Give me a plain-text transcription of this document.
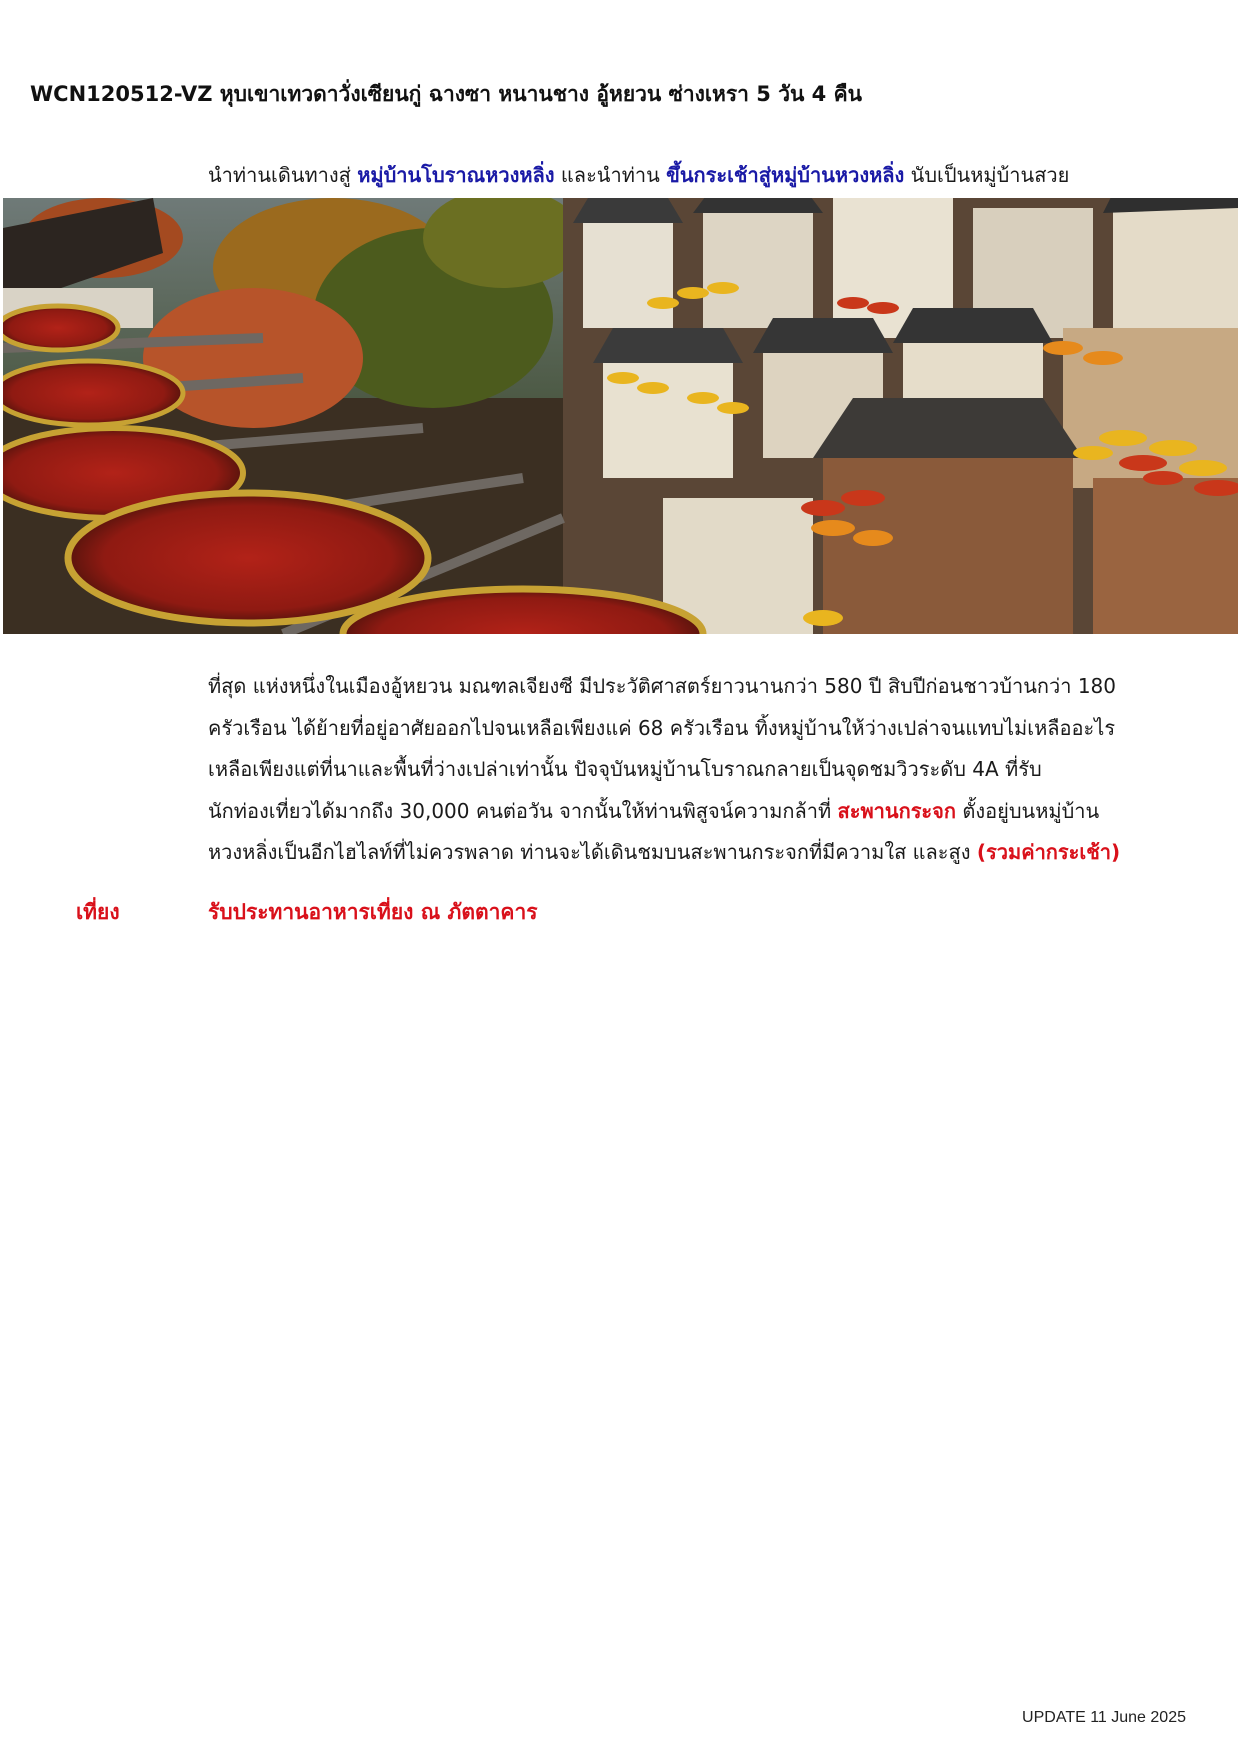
WCN120512-VZ หุบเขาเทวดาวั่งเซียนกู่ ฉางซา หนานชาง อู้หยวน ซ่างเหรา 5 วัน 4 คืน
นำท่านเดินทางสู่ หมู่บ้านโบราณหวงหลิ่ง และนำท่าน ขึ้นกระเช้าสู่หมู่บ้านหวงหลิ่ง นับเป็นหมู่บ้านสวย

ที่สุด แห่งหนึ่งในเมืองอู้หยวน มณฑลเจียงซี มีประวัติศาสตร์ยาวนานกว่า 580 ปี สิบปีก่อนชาวบ้านกว่า 180

ครัวเรือน ได้ย้ายที่อยู่อาศัยออกไปจนเหลือเพียงแค่ 68 ครัวเรือน ทิ้งหมู่บ้านให้ว่างเปล่าจนแทบไม่เหลืออะไร

เหลือเพียงแต่ที่นาและพื้นที่ว่างเปล่าเท่านั้น ปัจจุบันหมู่บ้านโบราณกลายเป็นจุดชมวิวระดับ 4A ที่รับ

นักท่องเที่ยวได้มากถึง 30,000 คนต่อวัน จากนั้นให้ท่านพิสูจน์ความกล้าที่ สะพานกระจก ตั้งอยู่บนหมู่บ้าน

หวงหลิ่งเป็นอีกไฮไลท์ที่ไม่ควรพลาด ท่านจะได้เดินชมบนสะพานกระจกที่มีความใส และสูง (รวมค่ากระเช้า)

เที่ยง	รับประทานอาหารเที่ยง ณ ภัตตาคาร
UPDATE 11 June 2025
